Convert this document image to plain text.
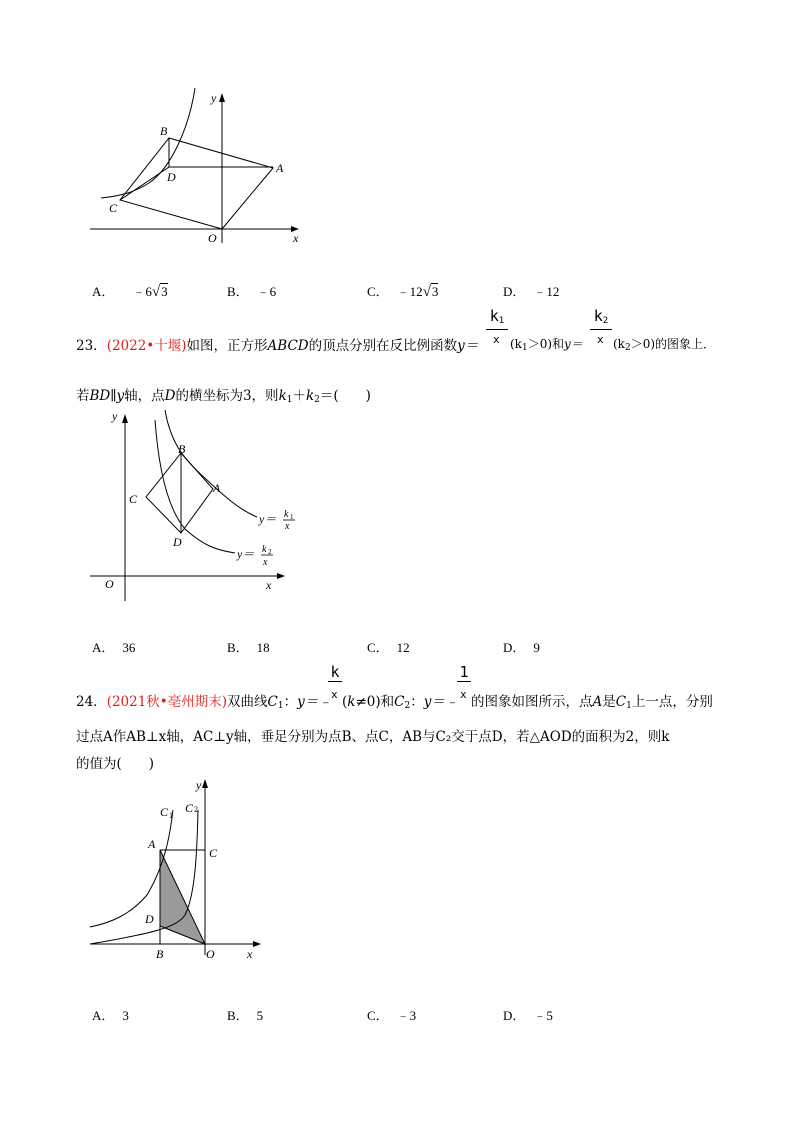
y
x
O
A
B
C
D
A． ﹣6√3	B． ﹣6	C． ﹣12√3	D． ﹣12
$k_1$	$k_2$
23．(2022•十堰)如图，正方形ABCD的顶点分别在反比例函数y＝ x $(k_1>0)$和y＝ x $(k_2>0)$的图象上．
若BD∥y轴，点D的横坐标为3，则$k_1+k_2=$(　　)
y
x
O
A
B
C
D
y＝ k 1
x
y＝ k 2
x
A． 36	B． 18	C． 12	D． 9
k	1
24．(2021秋•亳州期末)双曲线$C_1$：y＝﹣ x (k≠0)和$C_2$：y＝﹣ x 的图象如图所示，点A是$C_1$上一点，分别
过点A作AB⊥x轴，AC⊥y轴，垂足分别为点B、点C，AB与C₂交于点D，若△AOD的面积为2，则k
的值为(　　)
y
x
O
A
B
C
D
C 1
C 2
A． 3	B． 5	C． ﹣3	D． ﹣5
